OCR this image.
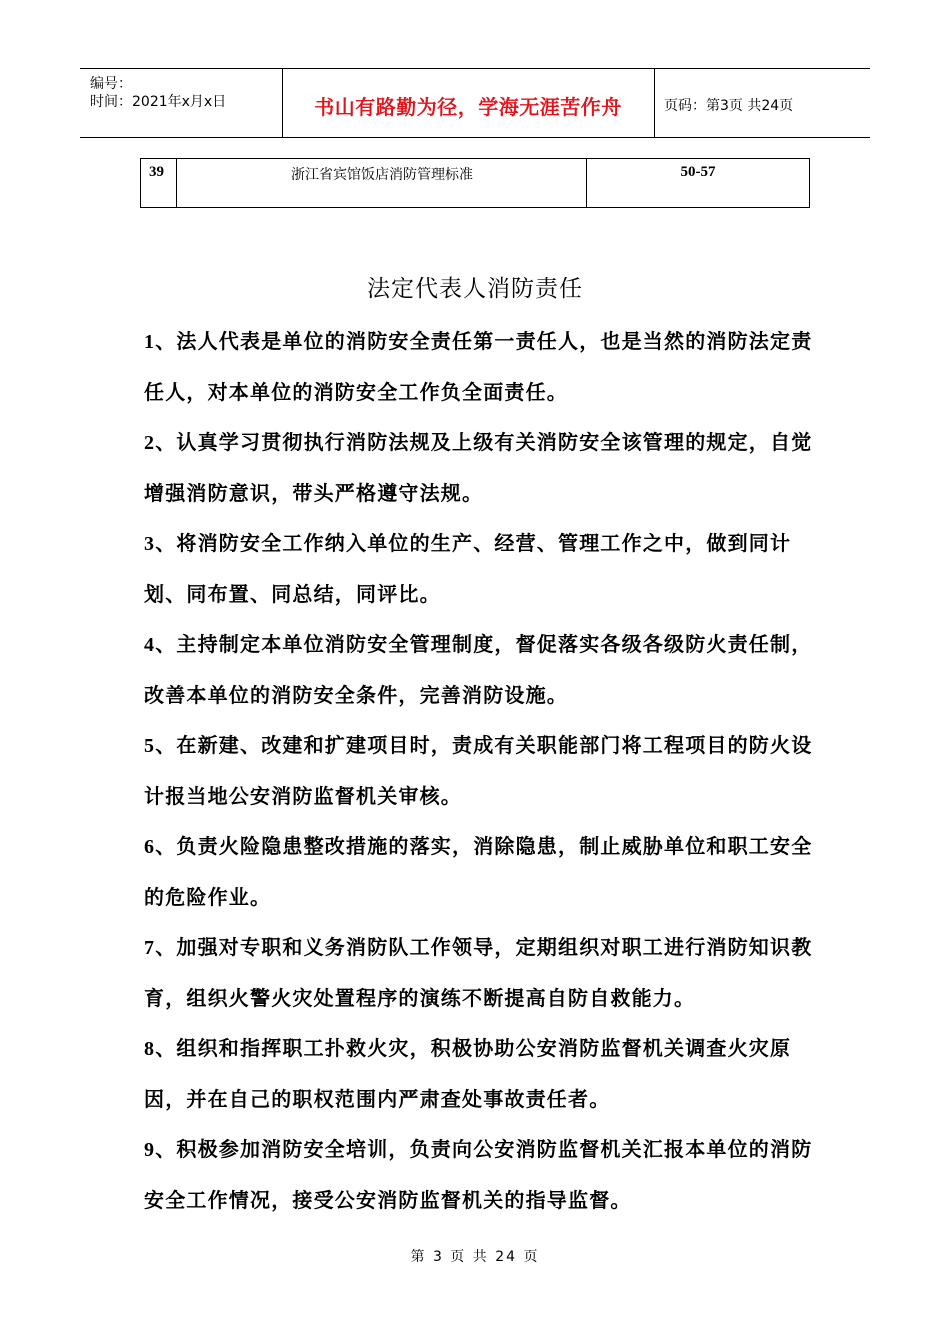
编号：
时间：2021年x月x日	书山有路勤为径，学海无涯苦作舟	页码：第3页 共24页
39	浙江省宾馆饭店消防管理标准	50-57
法定代表人消防责任

1、法人代表是单位的消防安全责任第一责任人，也是当然的消防法定责任人，对本单位的消防安全工作负全面责任。

2、认真学习贯彻执行消防法规及上级有关消防安全该管理的规定，自觉增强消防意识，带头严格遵守法规。

3、将消防安全工作纳入单位的生产、经营、管理工作之中，做到同计划、同布置、同总结，同评比。

4、主持制定本单位消防安全管理制度，督促落实各级各级防火责任制，改善本单位的消防安全条件，完善消防设施。

5、在新建、改建和扩建项目时，责成有关职能部门将工程项目的防火设计报当地公安消防监督机关审核。

6、负责火险隐患整改措施的落实，消除隐患，制止威胁单位和职工安全的危险作业。

7、加强对专职和义务消防队工作领导，定期组织对职工进行消防知识教育，组织火警火灾处置程序的演练不断提高自防自救能力。

8、组织和指挥职工扑救火灾，积极协助公安消防监督机关调查火灾原因，并在自己的职权范围内严肃查处事故责任者。

9、积极参加消防安全培训，负责向公安消防监督机关汇报本单位的消防安全工作情况，接受公安消防监督机关的指导监督。

第 3 页 共 24 页
